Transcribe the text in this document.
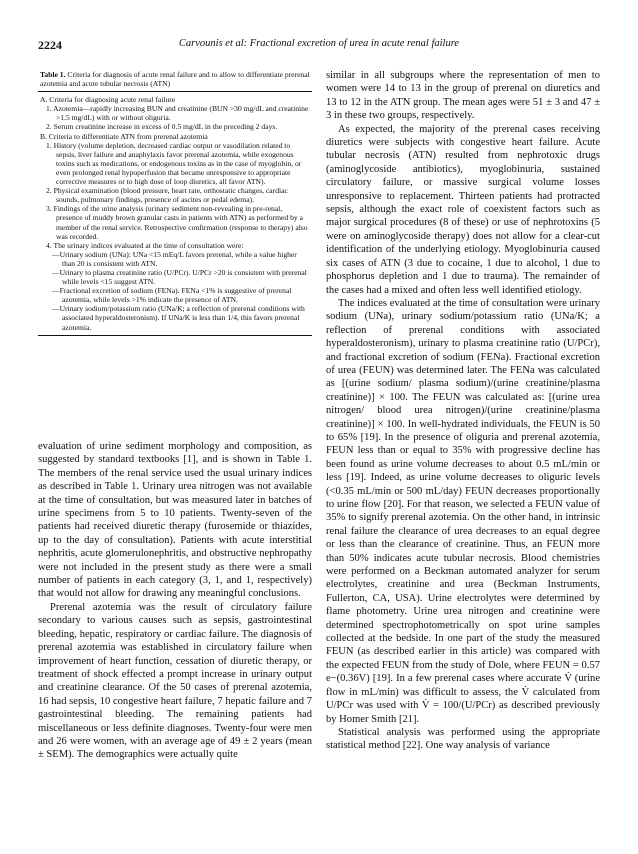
2224	Carvounis et al: Fractional excretion of urea in acute renal failure
Table 1. Criteria for diagnosis of acute renal failure and to allow to differentiate prerenal azotemia and acute tubular necrosis (ATN)

A. Criteria for diagnosing acute renal failure

1. Azotemia—rapidly increasing BUN and creatinine (BUN >30 mg/dL and creatinine >1.5 mg/dL) with or without oliguria.

2. Serum creatinine increase in excess of 0.5 mg/dL in the preceding 2 days.

B. Criteria to differentiate ATN from prerenal azotemia

1. History (volume depletion, decreased cardiac output or vasodilation related to sepsis, liver failure and anaphylaxis favor prerenal azotemia, while exogenous toxins such as medications, or endogenous toxins as in the case of myoglobin, or even prolonged renal hypoperfusion that became unresponsive to appropriate corrective measures or to high dose of loop diuretics, all favor ATN).

2. Physical examination (blood pressure, heart rate, orthostatic changes, cardiac sounds, pulmonary findings, presence of ascites or pedal edema).

3. Findings of the urine analysis (urinary sediment non-revealing in pre-renal, presence of muddy brown granular casts in patients with ATN) as performed by a member of the renal service. Retrospective confirmation (response to therapy) also was recorded.

4. The urinary indices evaluated at the time of consultation were:

—Urinary sodium (UNa): UNa <15 mEq/L favors prerenal, while a value higher than 20 is consistent with ATN.

—Urinary to plasma creatinine ratio (U/PCr). U/PCr >20 is consistent with prerenal while levels <15 suggest ATN.

—Fractional excretion of sodium (FENa). FENa <1% is suggestive of prerenal azotemia, while levels >1% indicate the presence of ATN.

—Urinary sodium/potassium ratio (UNa/K; a reflection of prerenal conditions with associated hyperaldosteronism). If UNa/K is less than 1/4, this favors prerenal azotemia.

evaluation of urine sediment morphology and composition, as suggested by standard textbooks [1], and is shown in Table 1. The members of the renal service used the usual urinary indices as described in Table 1. Urinary urea nitrogen was not available at the time of consultation, but was measured later in batches of urine specimens from 5 to 10 patients. Twenty-seven of the patients had received diuretic therapy (furosemide or thiazides, up to the day of consultation). Patients with acute interstitial nephritis, acute glomerulonephritis, and obstructive nephropathy were not included in the present study as there were a small number of patients in each category (3, 1, and 1, respectively) that would not allow for drawing any meaningful conclusions.

Prerenal azotemia was the result of circulatory failure secondary to various causes such as sepsis, gastrointestinal bleeding, hepatic, respiratory or cardiac failure. The diagnosis of prerenal azotemia was established in circulatory failure when improvement of heart function, cessation of diuretic therapy, or treatment of shock effected a prompt increase in urinary output and creatinine clearance. Of the 50 cases of prerenal azotemia, 16 had sepsis, 10 congestive heart failure, 7 hepatic failure and 7 gastrointestinal bleeding. The remaining patients had miscellaneous or less definite diagnoses. Twenty-four were men and 26 were women, with an average age of 49 ± 2 years (mean ± SEM). The demographics were actually quite

similar in all subgroups where the representation of men to women were 14 to 13 in the group of prerenal on diuretics and 13 to 12 in the ATN group. The mean ages were 51 ± 3 and 47 ± 3 in these two groups, respectively.

As expected, the majority of the prerenal cases receiving diuretics were subjects with congestive heart failure. Acute tubular necrosis (ATN) resulted from nephrotoxic drugs (aminoglycoside antibiotics), myoglobinuria, sustained circulatory failure, or massive surgical volume losses unresponsive to replacement. Thirteen patients had protracted sepsis, although the exact role of coexistent factors such as major surgical procedures (8 of these) or use of nephrotoxins (5 were on aminoglycoside therapy) does not allow for a clear-cut identification of the underlying etiology. Myoglobinuria caused six cases of ATN (3 due to cocaine, 1 due to alcohol, 1 due to phosphorus depletion and 1 due to trauma). The remainder of the cases had a mixed and often less well identified etiology.

The indices evaluated at the time of consultation were urinary sodium (UNa), urinary sodium/potassium ratio (UNa/K; a reflection of prerenal conditions with associated hyperaldosteronism), urinary to plasma creatinine ratio (U/PCr), and fractional excretion of sodium (FENa). Fractional excretion of urea (FEUN) was determined later. The FENa was calculated as [(urine sodium/ plasma sodium)/(urine creatinine/plasma creatinine)] × 100. The FEUN was calculated as: [(urine urea nitrogen/ blood urea nitrogen)/(urine creatinine/plasma creatinine)] × 100. In well-hydrated individuals, the FEUN is 50 to 65% [19]. In the presence of oliguria and prerenal azotemia, FEUN less than or equal to 35% with progressive decline has been found as urine volume decreases to about 0.5 mL/min or less [19]. Indeed, as urine volume decreases to oliguric levels (<0.35 mL/min or 500 mL/day) FEUN decreases proportionally to urine flow [20]. For that reason, we selected a FEUN value of 35% to signify prerenal azotemia. On the other hand, in intrinsic renal failure the clearance of urea decreases to an equal degree or less than the clearance of creatinine. Thus, an FEUN more than 50% indicates acute tubular necrosis. Blood chemistries were performed on a Beckman automated analyzer for serum electrolytes, creatinine and urea (Beckman Instruments, Fullerton, CA, USA). Urine electrolytes were determined by flame photometry. Urine urea nitrogen and creatinine were determined spectrophotometrically on spot urine samples collected at the bedside. In one part of the study the measured FEUN (as described earlier in this article) was compared with the expected FEUN from the study of Dole, where FEUN = 0.57 e−(0.36V) [19]. In a few prerenal cases where accurate V̇ (urine flow in mL/min) was difficult to assess, the V̇ calculated from U/PCr was used with V̇ = 100/(U/PCr) as described previously by Homer Smith [21].

Statistical analysis was performed using the appropriate statistical method [22]. One way analysis of variance
